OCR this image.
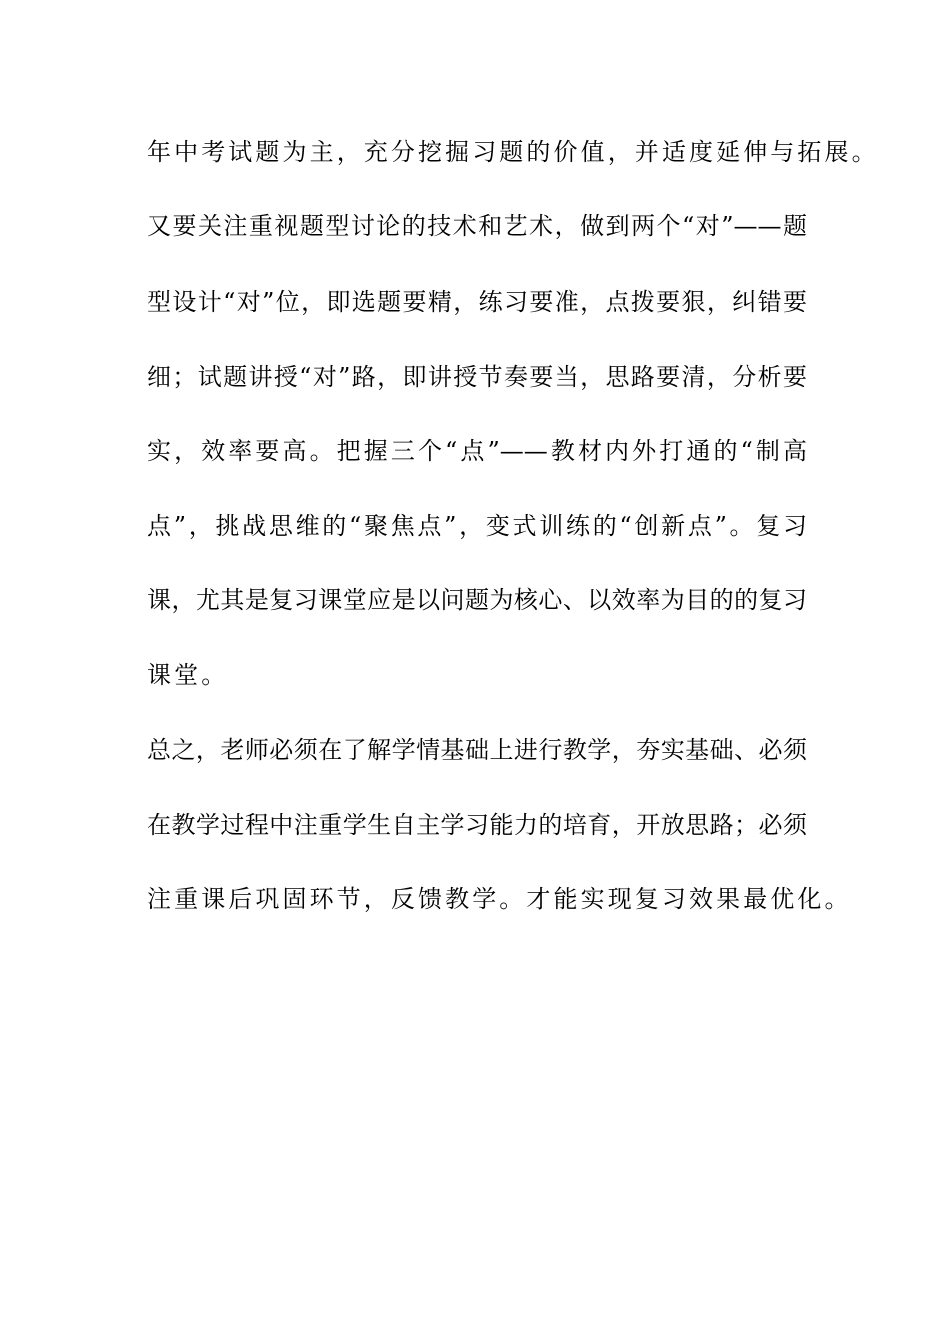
年中考试题为主，充分挖掘习题的价值，并适度延伸与拓展。
又要关注重视题型讨论的技术和艺术，做到两个“对”——题
型设计“对”位，即选题要精，练习要准，点拨要狠，纠错要
细；试题讲授“对”路，即讲授节奏要当，思路要清，分析要
实，效率要高。把握三个“点”——教材内外打通的“制高
点”，挑战思维的“聚焦点”，变式训练的“创新点”。复习
课，尤其是复习课堂应是以问题为核心、以效率为目的的复习
课堂。
总之，老师必须在了解学情基础上进行教学，夯实基础、必须
在教学过程中注重学生自主学习能力的培育，开放思路；必须
注重课后巩固环节，反馈教学。才能实现复习效果最优化。
